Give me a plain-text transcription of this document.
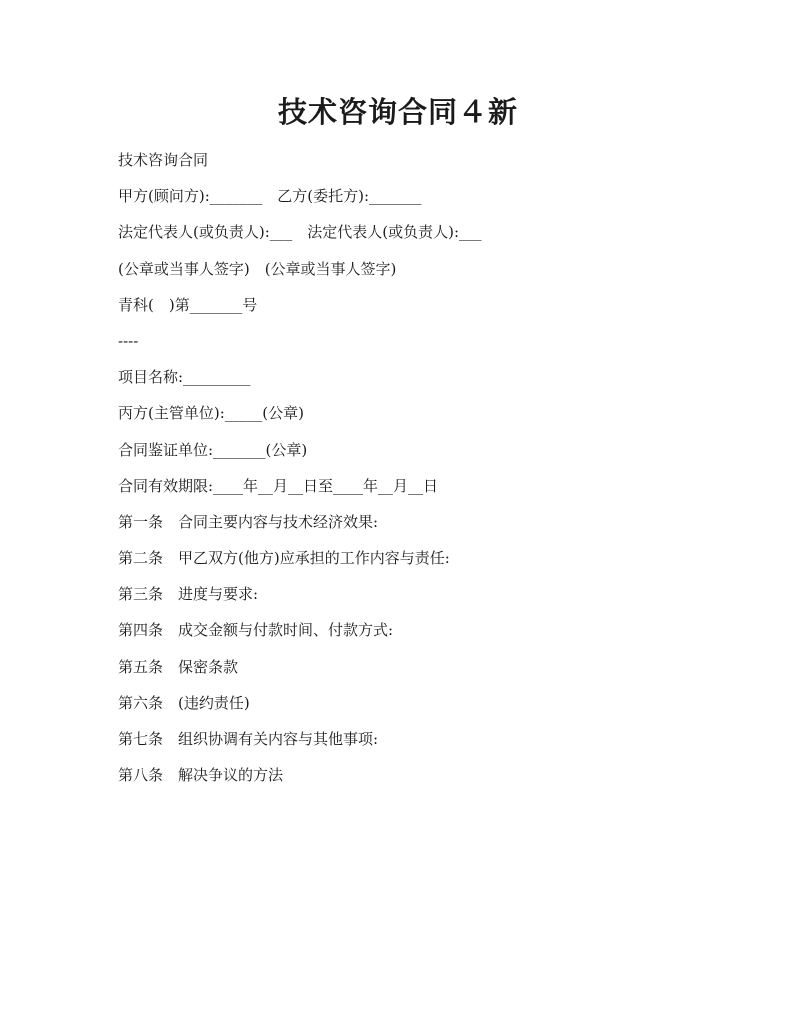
技术咨询合同４新
技术咨询合同
甲方(顾问方):_______　乙方(委托方):_______
法定代表人(或负责人):___　法定代表人(或负责人):___
(公章或当事人签字)　(公章或当事人签字)
青科(　)第_______号
----
项目名称:_________
丙方(主管单位):_____(公章)
合同鉴证单位:_______(公章)
合同有效期限:____年__月__日至____年__月__日
第一条　合同主要内容与技术经济效果:
第二条　甲乙双方(他方)应承担的工作内容与责任:
第三条　进度与要求:
第四条　成交金额与付款时间、付款方式:
第五条　保密条款
第六条　(违约责任)
第七条　组织协调有关内容与其他事项:
第八条　解决争议的方法
